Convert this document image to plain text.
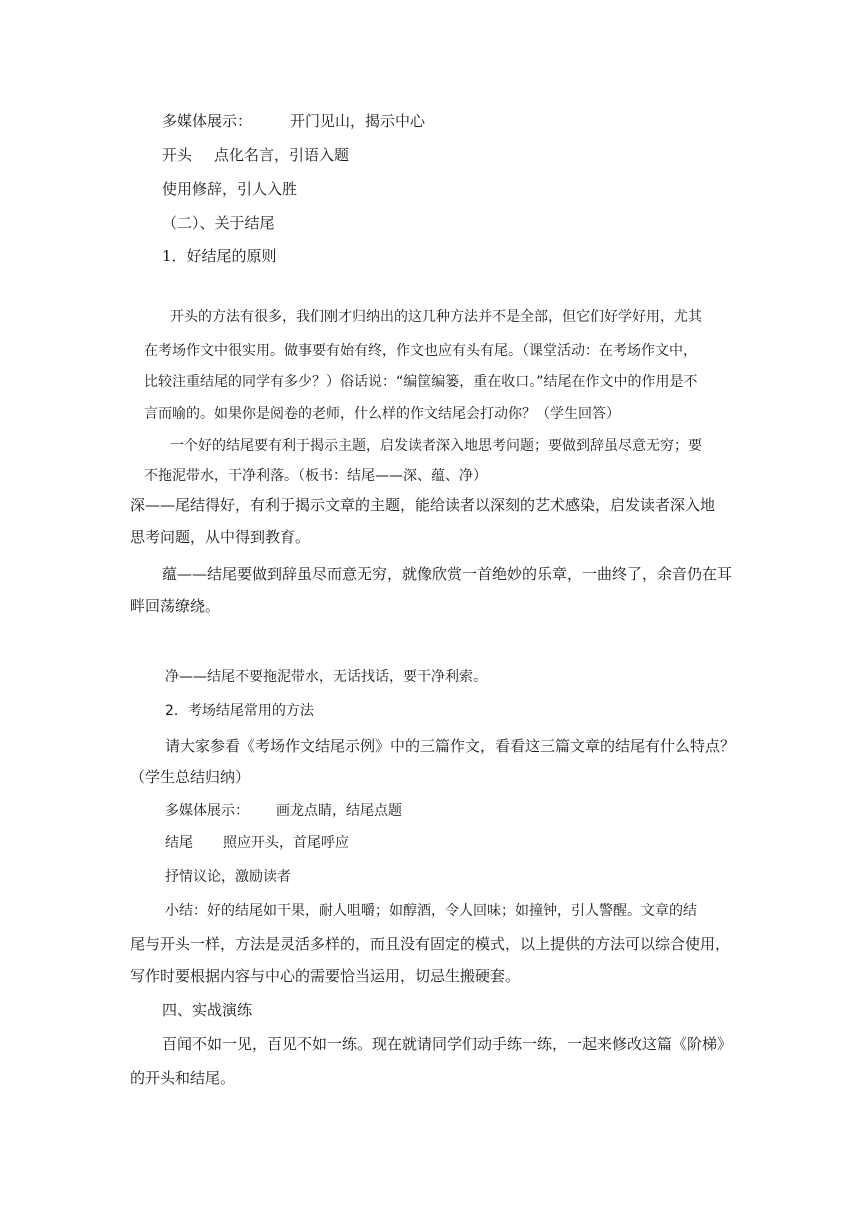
多媒体展示：	开门见山，揭示中心
开头 点化名言，引语入题
使用修辞，引人入胜
（二）、关于结尾
1．好结尾的原则
开头的方法有很多，我们刚才归纳出的这几种方法并不是全部，但它们好学好用，尤其
在考场作文中很实用。做事要有始有终，作文也应有头有尾。（课堂活动：在考场作文中，
比较注重结尾的同学有多少？）俗话说：“编筐编篓，重在收口。”结尾在作文中的作用是不
言而喻的。如果你是阅卷的老师，什么样的作文结尾会打动你？（学生回答）
一个好的结尾要有利于揭示主题，启发读者深入地思考问题；要做到辞虽尽意无穷；要
不拖泥带水，干净利落。（板书：结尾——深、蕴、净）
深——尾结得好，有利于揭示文章的主题，能给读者以深刻的艺术感染，启发读者深入地
思考问题，从中得到教育。
蕴——结尾要做到辞虽尽而意无穷，就像欣赏一首绝妙的乐章，一曲终了，余音仍在耳
畔回荡缭绕。
净——结尾不要拖泥带水，无话找话，要干净利索。
2．考场结尾常用的方法
请大家参看《考场作文结尾示例》中的三篇作文，看看这三篇文章的结尾有什么特点？
（学生总结归纳）
多媒体展示： 画龙点睛，结尾点题
结尾 照应开头，首尾呼应
抒情议论，激励读者
小结：好的结尾如干果，耐人咀嚼；如醇酒，令人回味；如撞钟，引人警醒。文章的结
尾与开头一样，方法是灵活多样的，而且没有固定的模式，以上提供的方法可以综合使用，
写作时要根据内容与中心的需要恰当运用，切忌生搬硬套。
四、实战演练
百闻不如一见，百见不如一练。现在就请同学们动手练一练，一起来修改这篇《阶梯》
的开头和结尾。
